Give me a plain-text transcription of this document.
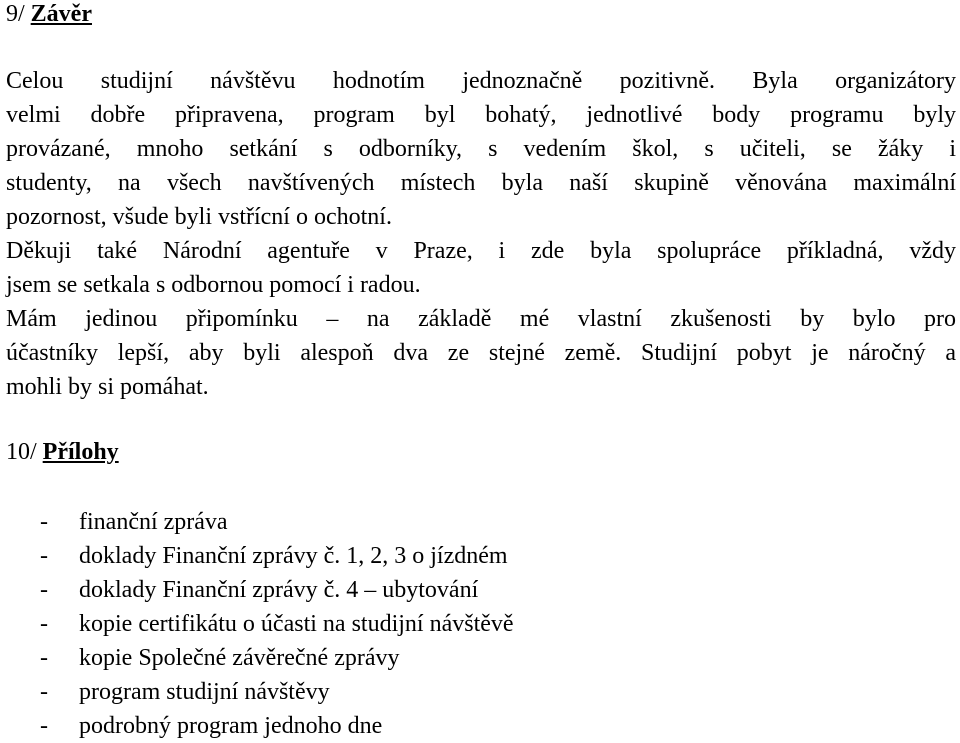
9/ Závěr
Celou studijní návštěvu hodnotím jednoznačně pozitivně. Byla organizátory
velmi dobře připravena, program byl bohatý, jednotlivé body programu byly
provázané, mnoho setkání s odborníky, s vedením škol, s učiteli, se žáky i
studenty, na všech navštívených místech byla naší skupině věnována maximální
pozornost, všude byli vstřícní o ochotní.
Děkuji také Národní agentuře v Praze, i zde byla spolupráce příkladná, vždy
jsem se setkala s odbornou pomocí i radou.
Mám jedinou připomínku – na základě mé vlastní zkušenosti by bylo pro
účastníky lepší, aby byli alespoň dva ze stejné země. Studijní pobyt je náročný a
mohli by si pomáhat.
10/ Přílohy
- finanční zpráva
- doklady Finanční zprávy č. 1, 2, 3 o jízdném
- doklady Finanční zprávy č. 4 – ubytování
- kopie certifikátu o účasti na studijní návštěvě
- kopie Společné závěrečné zprávy
- program studijní návštěvy
- podrobný program jednoho dne
